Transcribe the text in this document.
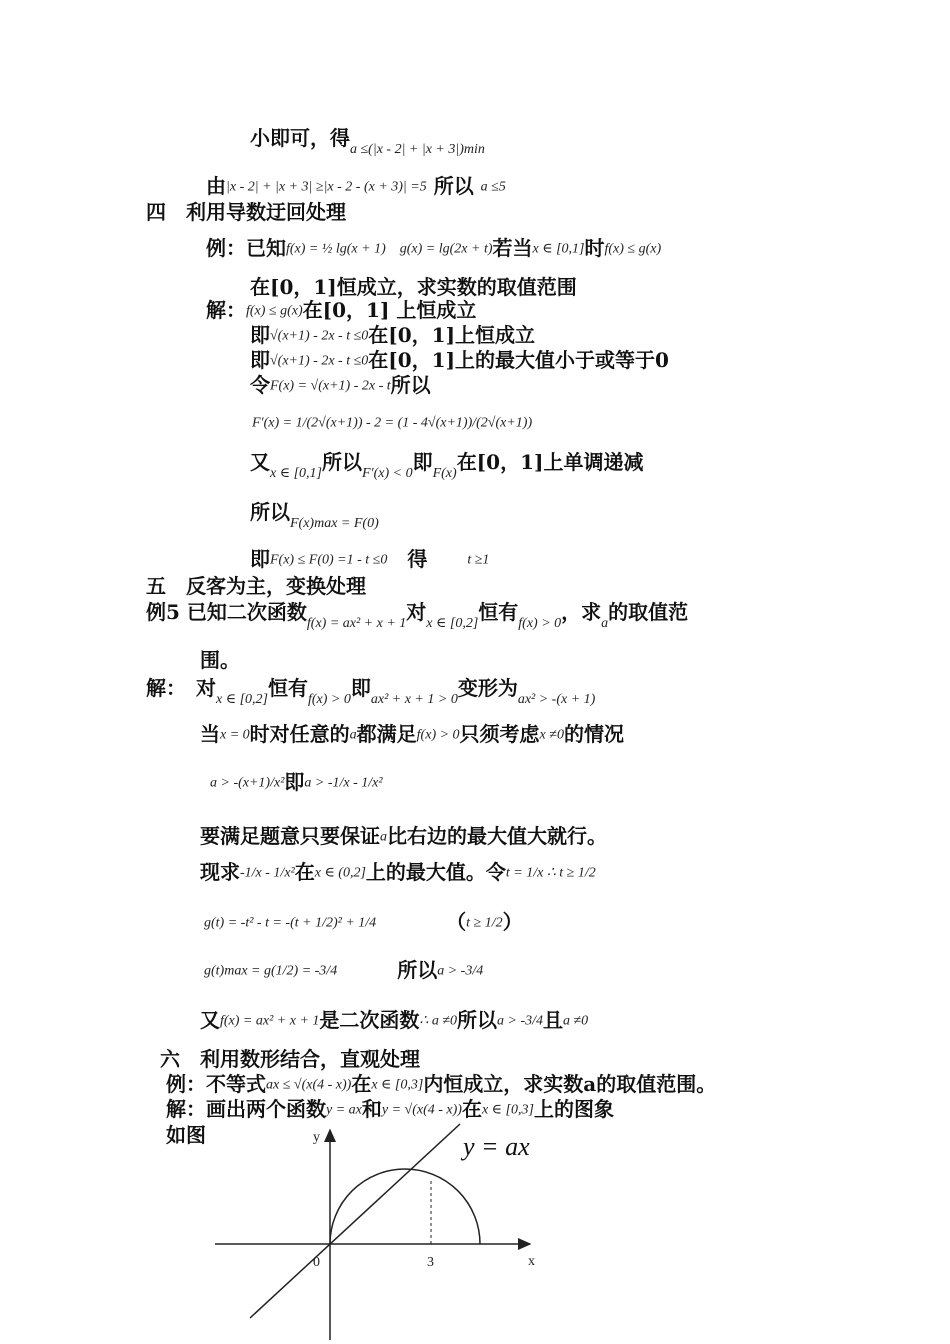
小即可，得$_{a \le(|x - 2| + |x + 3|)min}$
由|x - 2| + |x + 3| ≥|x - 2 - (x + 3)| =5 所以 a ≤5
四　利用导数迂回处理
例：已知f(x) = ½ lg(x + 1)　g(x) = lg(2x + t)若当x ∈ [0,1]时f(x) ≤ g(x)
在[0，1]恒成立，求实数的取值范围
解：f(x) ≤ g(x)在[0，1] 上恒成立
即√(x+1) - 2x - t ≤0在[0，1]上恒成立
即√(x+1) - 2x - t ≤0在[0，1]上的最大值小于或等于0
令F(x) = √(x+1) - 2x - t所以
F′(x) = 1/(2√(x+1)) - 2 = (1 - 4√(x+1))/(2√(x+1))
又$_{x \in [0,1]}$所以$_{F'(x) < 0}$即$_{F(x)}$在[0，1]上单调递减
所以$_{F(x)max = F(0)}$
即F(x) ≤ F(0) =1 - t ≤0　得　　t ≥1
五　反客为主，变换处理
例5 已知二次函数$_{f(x) = ax^2 + x + 1}$对$_{x \in [0,2]}$恒有$_{f(x) > 0}$，求$_a$的取值范
围。
解：　对$_{x \in [0,2]}$恒有$_{f(x) > 0}$即$_{ax^2 + x + 1 > 0}$变形为$_{ax^2 > -(x + 1)}$
当x = 0时对任意的a都满足f(x) > 0只须考虑x ≠0的情况
a > -(x+1)/x²即a > -1/x - 1/x²
要满足题意只要保证a比右边的最大值大就行。
现求-1/x - 1/x²在x ∈ (0,2]上的最大值。令t = 1/x ∴ t ≥ 1/2
g(t) = -t² - t = -(t + 1/2)² + 1/4　　　　（t ≥ 1/2）
g(t)max = g(1/2) = -3/4　　　所以a > -3/4
又f(x) = ax² + x + 1是二次函数∴ a ≠0所以a > -3/4且a ≠0
六　利用数形结合，直观处理
例：不等式ax ≤ √(x(4 - x))在x ∈ [0,3]内恒成立，求实数a的取值范围。
解：画出两个函数y = ax和y = √(x(4 - x))在x ∈ [0,3]上的图象
如图	y
x
0	3
y = ax
